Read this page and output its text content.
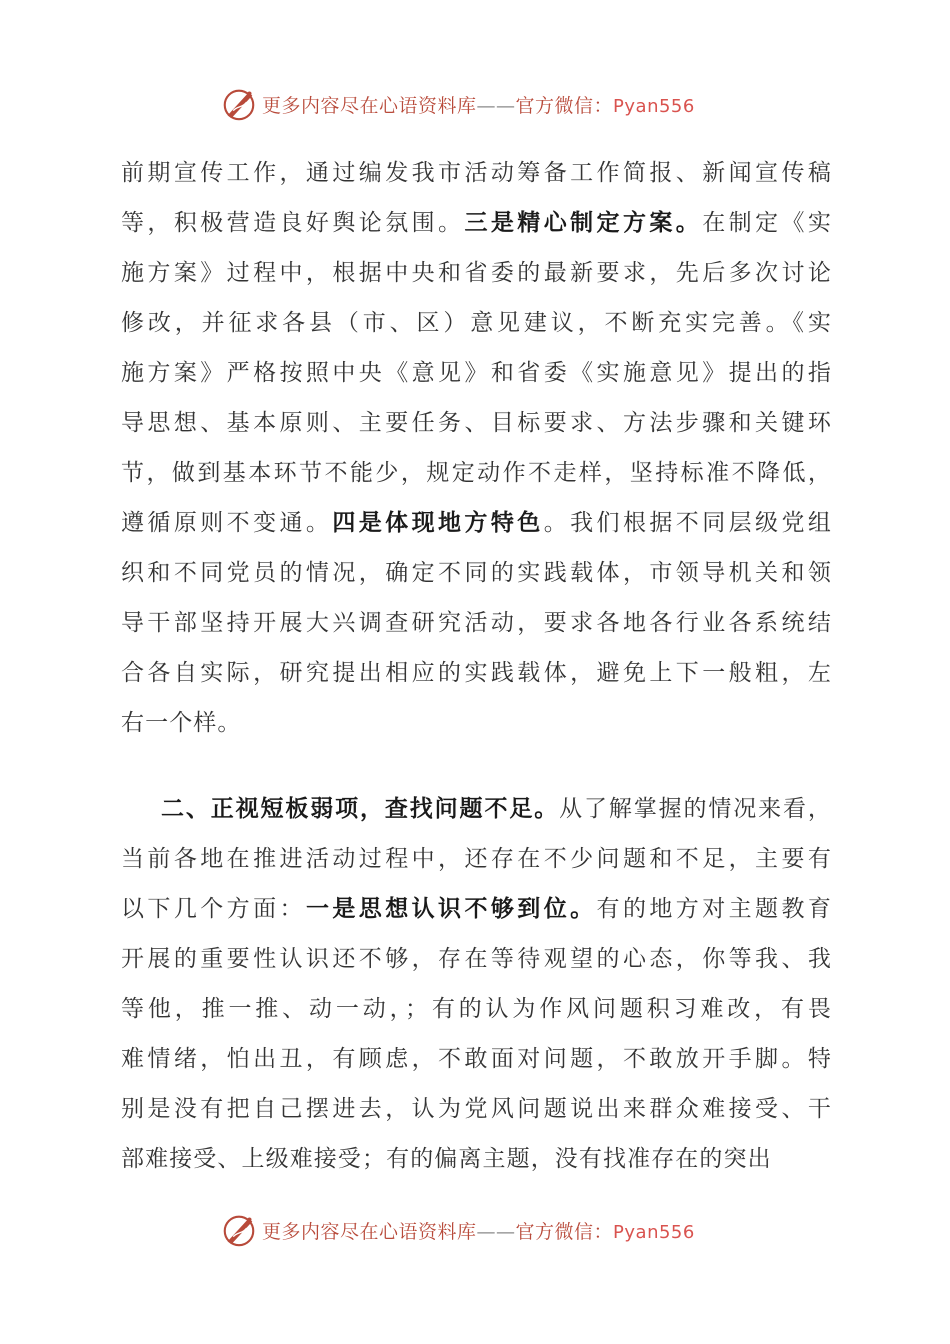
更多内容尽在心语资料库——官方微信：Pyan556
前期宣传工作，通过编发我市活动筹备工作简报、新闻宣传稿
等，积极营造良好舆论氛围。三是精心制定方案。在制定《实
施方案》过程中，根据中央和省委的最新要求，先后多次讨论
修改，并征求各县（市、区）意见建议，不断充实完善。《实
施方案》严格按照中央《意见》和省委《实施意见》提出的指
导思想、基本原则、主要任务、目标要求、方法步骤和关键环
节，做到基本环节不能少，规定动作不走样，坚持标准不降低，
遵循原则不变通。四是体现地方特色。我们根据不同层级党组
织和不同党员的情况，确定不同的实践载体，市领导机关和领
导干部坚持开展大兴调查研究活动，要求各地各行业各系统结
合各自实际，研究提出相应的实践载体，避免上下一般粗，左
右一个样。
二、正视短板弱项，查找问题不足。从了解掌握的情况来看，
当前各地在推进活动过程中，还存在不少问题和不足，主要有
以下几个方面：一是思想认识不够到位。有的地方对主题教育
开展的重要性认识还不够，存在等待观望的心态，你等我、我
等他，推一推、动一动，；有的认为作风问题积习难改，有畏
难情绪，怕出丑，有顾虑，不敢面对问题，不敢放开手脚。特
别是没有把自己摆进去，认为党风问题说出来群众难接受、干
部难接受、上级难接受；有的偏离主题，没有找准存在的突出
更多内容尽在心语资料库——官方微信：Pyan556
